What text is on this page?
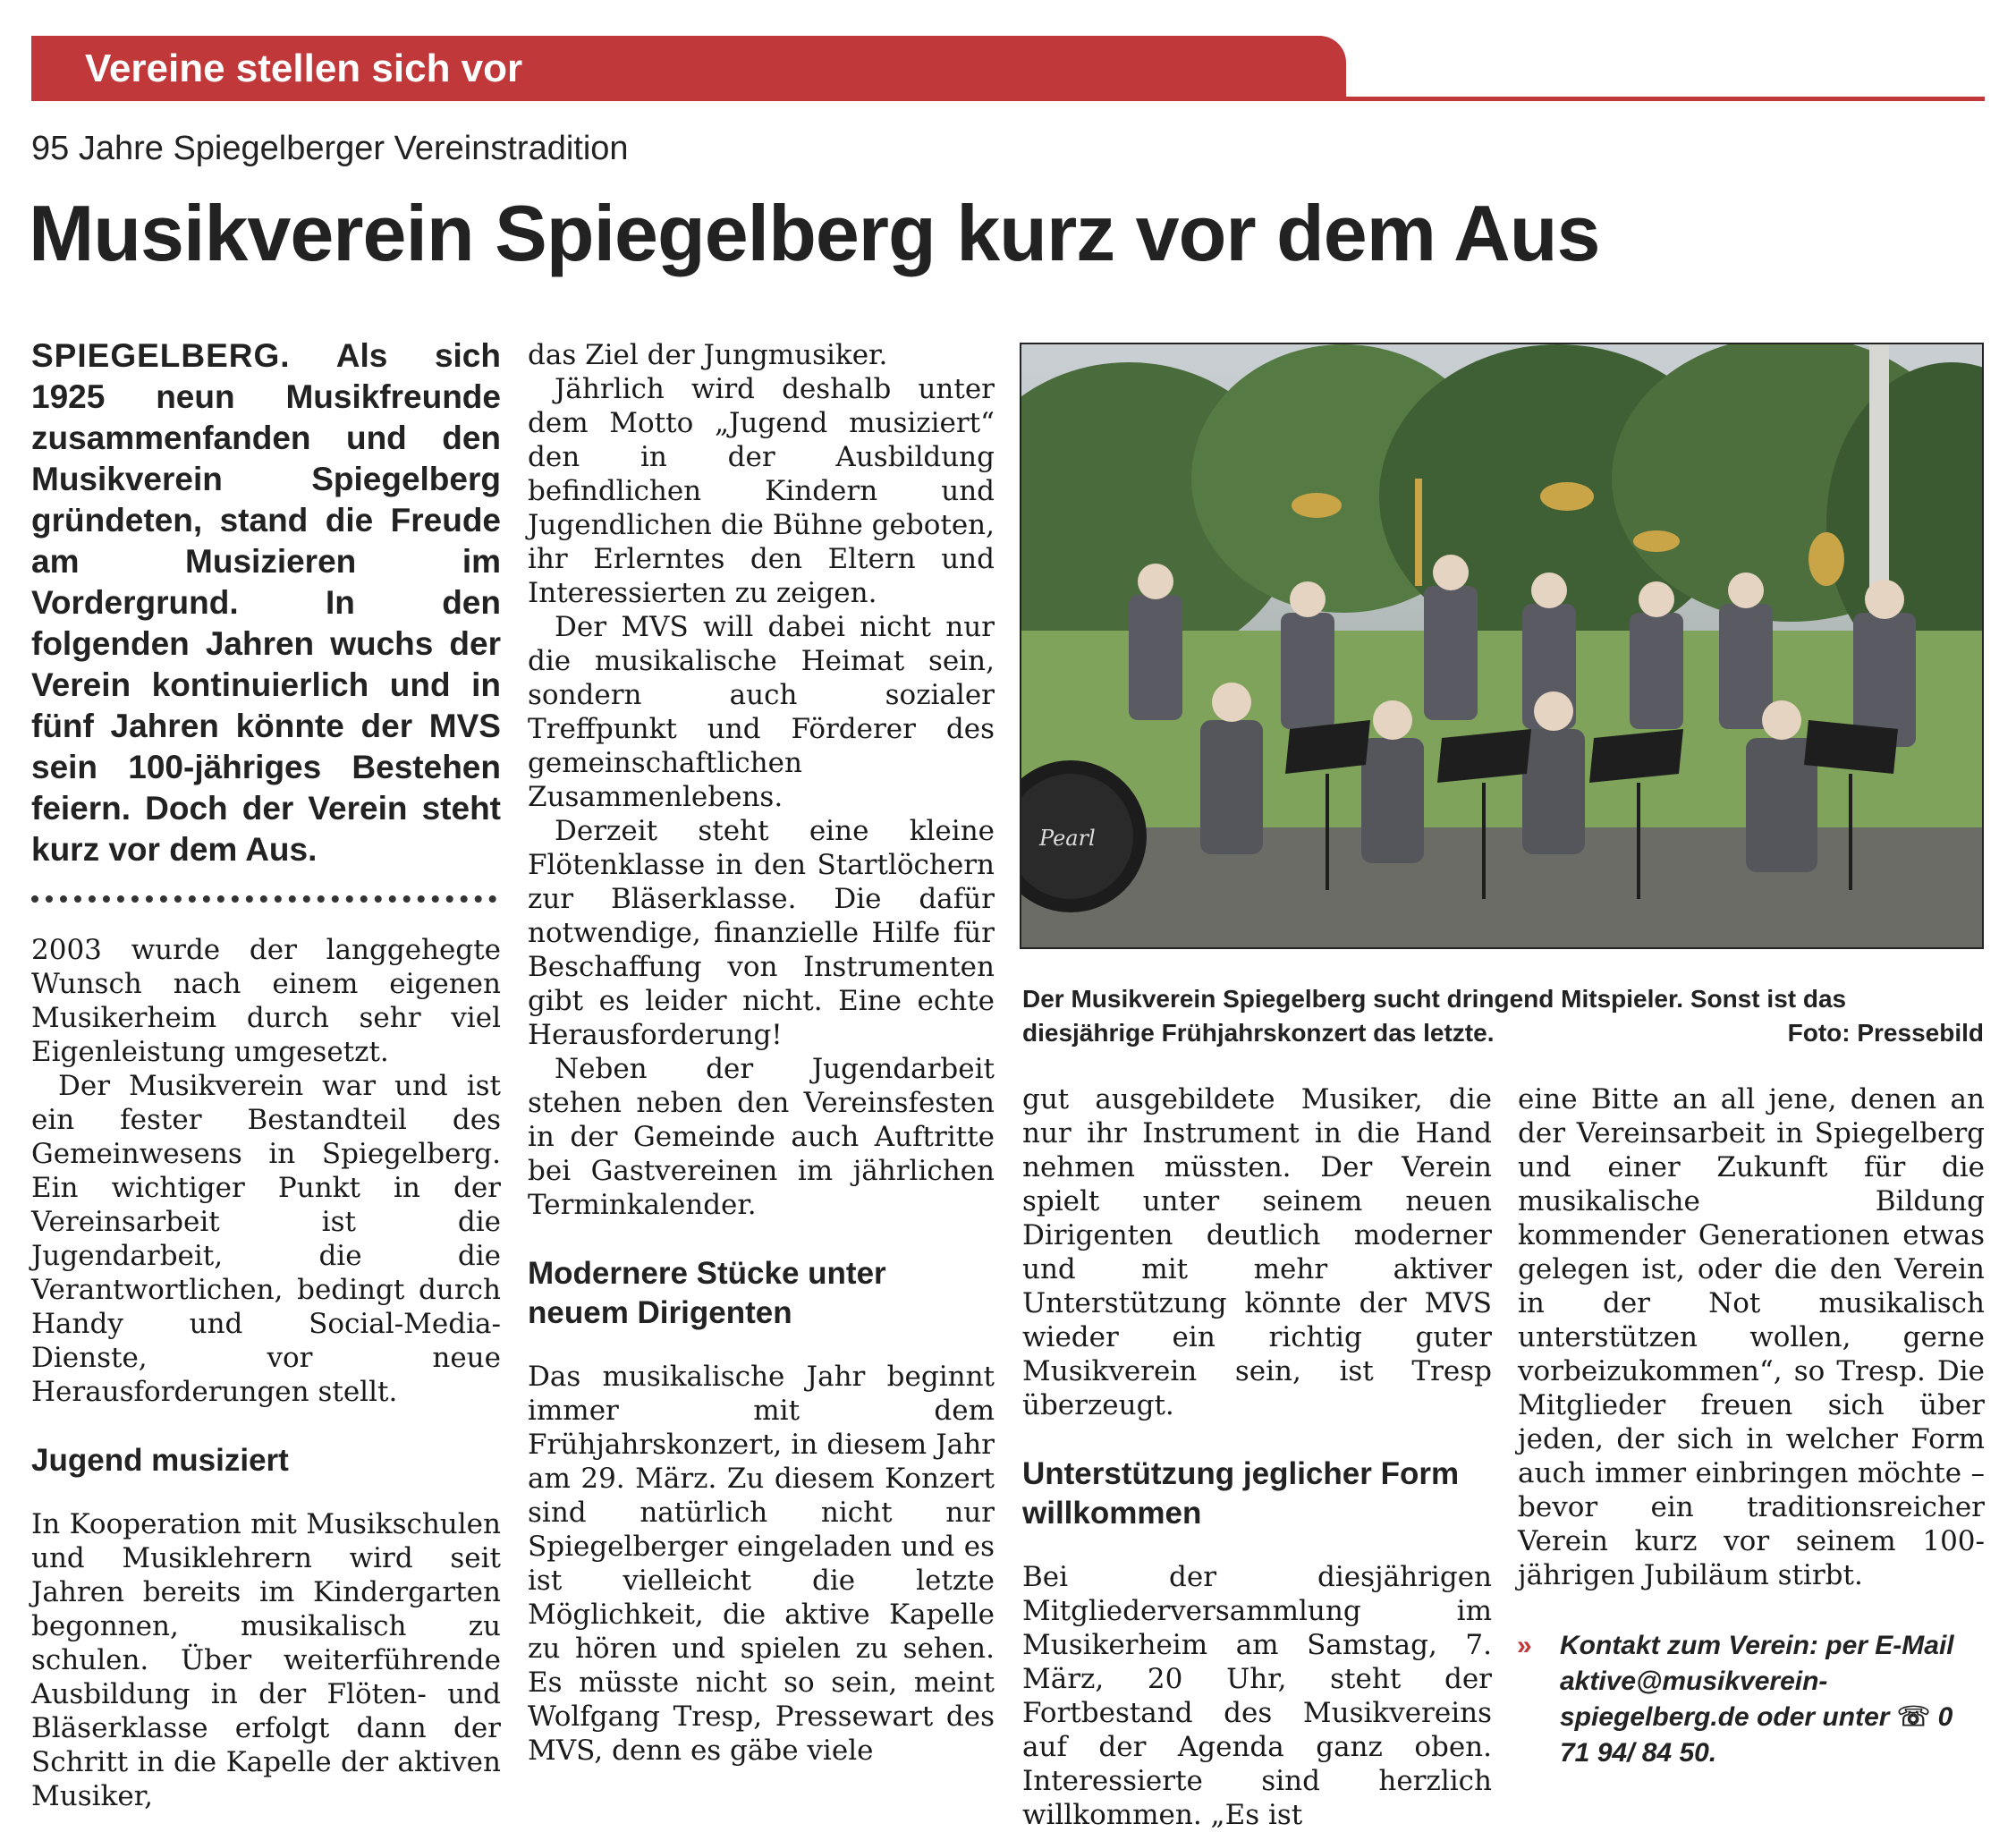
Vereine stellen sich vor
95 Jahre Spiegelberger Vereinstradition
Musikverein Spiegelberg kurz vor dem Aus

SPIEGELBERG. Als sich 1925 neun Musikfreunde zusammenfanden und den Musikverein Spiegelberg gründeten, stand die Freude am Musizieren im Vordergrund. In den folgenden Jahren wuchs der Verein kontinuierlich und in fünf Jahren könnte der MVS sein 100-jähriges Bestehen feiern. Doch der Verein steht kurz vor dem Aus.

2003 wurde der langgehegte Wunsch nach einem eigenen Musikerheim durch sehr viel Eigenleistung umgesetzt.

Der Musikverein war und ist ein fester Bestandteil des Gemeinwesens in Spiegelberg. Ein wichtiger Punkt in der Vereinsarbeit ist die Jugendarbeit, die die Verantwortlichen, bedingt durch Handy und Social-Media-Dienste, vor neue Herausforderungen stellt.

Jugend musiziert

In Kooperation mit Musikschulen und Musiklehrern wird seit Jahren bereits im Kindergarten begonnen, musikalisch zu schulen. Über weiterführende Ausbildung in der Flöten- und Bläserklasse erfolgt dann der Schritt in die Kapelle der aktiven Musiker,

das Ziel der Jungmusiker.

Jährlich wird deshalb unter dem Motto „Jugend musiziert“ den in der Ausbildung befindlichen Kindern und Jugendlichen die Bühne geboten, ihr Erlerntes den Eltern und Interessierten zu zeigen.

Der MVS will dabei nicht nur die musikalische Heimat sein, sondern auch sozialer Treffpunkt und Förderer des gemeinschaftlichen Zusammenlebens.

Derzeit steht eine kleine Flötenklasse in den Startlöchern zur Bläserklasse. Die dafür notwendige, finanzielle Hilfe für Beschaffung von Instrumenten gibt es leider nicht. Eine echte Herausforderung!

Neben der Jugendarbeit stehen neben den Vereinsfesten in der Gemeinde auch Auftritte bei Gastvereinen im jährlichen Terminkalender.

Modernere Stücke unter neuem Dirigenten

Das musikalische Jahr beginnt immer mit dem Frühjahrskonzert, in diesem Jahr am 29. März. Zu diesem Konzert sind natürlich nicht nur Spiegelberger eingeladen und es ist vielleicht die letzte Möglichkeit, die aktive Kapelle zu hören und spielen zu sehen. Es müsste nicht so sein, meint Wolfgang Tresp, Pressewart des MVS, denn es gäbe viele

Pearl
Der Musikverein Spiegelberg sucht dringend Mitspieler. Sonst ist das diesjährige Frühjahrskonzert das letzte.	Foto: Pressebild

gut ausgebildete Musiker, die nur ihr Instrument in die Hand nehmen müssten. Der Verein spielt unter seinem neuen Dirigenten deutlich moderner und mit mehr aktiver Unterstützung könnte der MVS wieder ein richtig guter Musikverein sein, ist Tresp überzeugt.

Unterstützung jeglicher Form willkommen

Bei der diesjährigen Mitgliederversammlung im Musikerheim am Samstag, 7. März, 20 Uhr, steht der Fortbestand des Musikvereins auf der Agenda ganz oben. Interessierte sind herzlich willkommen. „Es ist

eine Bitte an all jene, denen an der Vereinsarbeit in Spiegelberg und einer Zukunft für die musikalische Bildung kommender Generationen etwas gelegen ist, oder die den Verein in der Not musikalisch unterstützen wollen, gerne vorbeizukommen“, so Tresp. Die Mitglieder freuen sich über jeden, der sich in welcher Form auch immer einbringen möchte – bevor ein traditionsreicher Verein kurz vor seinem 100-jährigen Jubiläum stirbt.

»	Kontakt zum Verein: per E-Mail
aktive@musikverein-spiegelberg.de oder unter ☏ 0 71 94/ 84 50.
